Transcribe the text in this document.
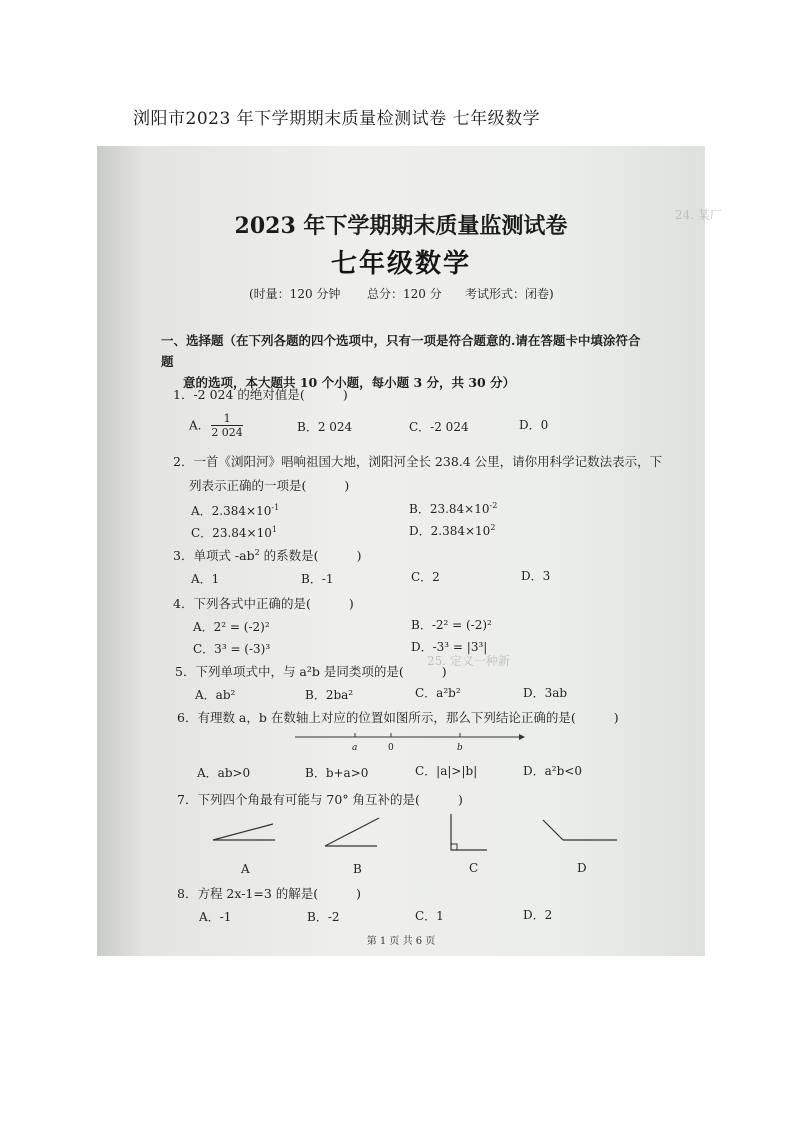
浏阳市2023 年下学期期末质量检测试卷 七年级数学
24. 某厂
25. 定义一种新
2023 年下学期期末质量监测试卷
七年级数学
(时量：120 分钟 总分：120 分 考试形式：闭卷)
一、选择题（在下列各题的四个选项中，只有一项是符合题意的.请在答题卡中填涂符合题
意的选项，本大题共 10 个小题，每小题 3 分，共 30 分）
1．-2 024 的绝对值是(	)
A. $\frac{1}{2 024}$	B．2 024	C．-2 024	D．0
2．一首《浏阳河》唱响祖国大地，浏阳河全长 238.4 公里，请你用科学记数法表示，下
列表示正确的一项是(	)
A．$2.384\times 10^{-1}$	B．$23.84\times 10^{-2}$
C．$23.84\times 10^1$	D．$2.384\times 10^2$
3．单项式 $-ab^2$ 的系数是(	)
A．1	B．-1	C．2	D．3
4．下列各式中正确的是(	)
A．2² = (-2)²	B．-2² = (-2)²
C．3³ = (-3)³	D．-3³ = |3³|
5．下列单项式中，与 a²b 是同类项的是(	)
A．ab²	B．2ba²	C．a²b²	D．3ab
6．有理数 a，b 在数轴上对应的位置如图所示，那么下列结论正确的是(	)
a	0	b
A．ab>0	B．b+a>0	C．|a|>|b|	D．a²b<0
7．下列四个角最有可能与 70° 角互补的是(	)
A	B	C	D
8．方程 2x-1=3 的解是(	)
A．-1	B．-2	C．1	D．2
第 1 页 共 6 页
